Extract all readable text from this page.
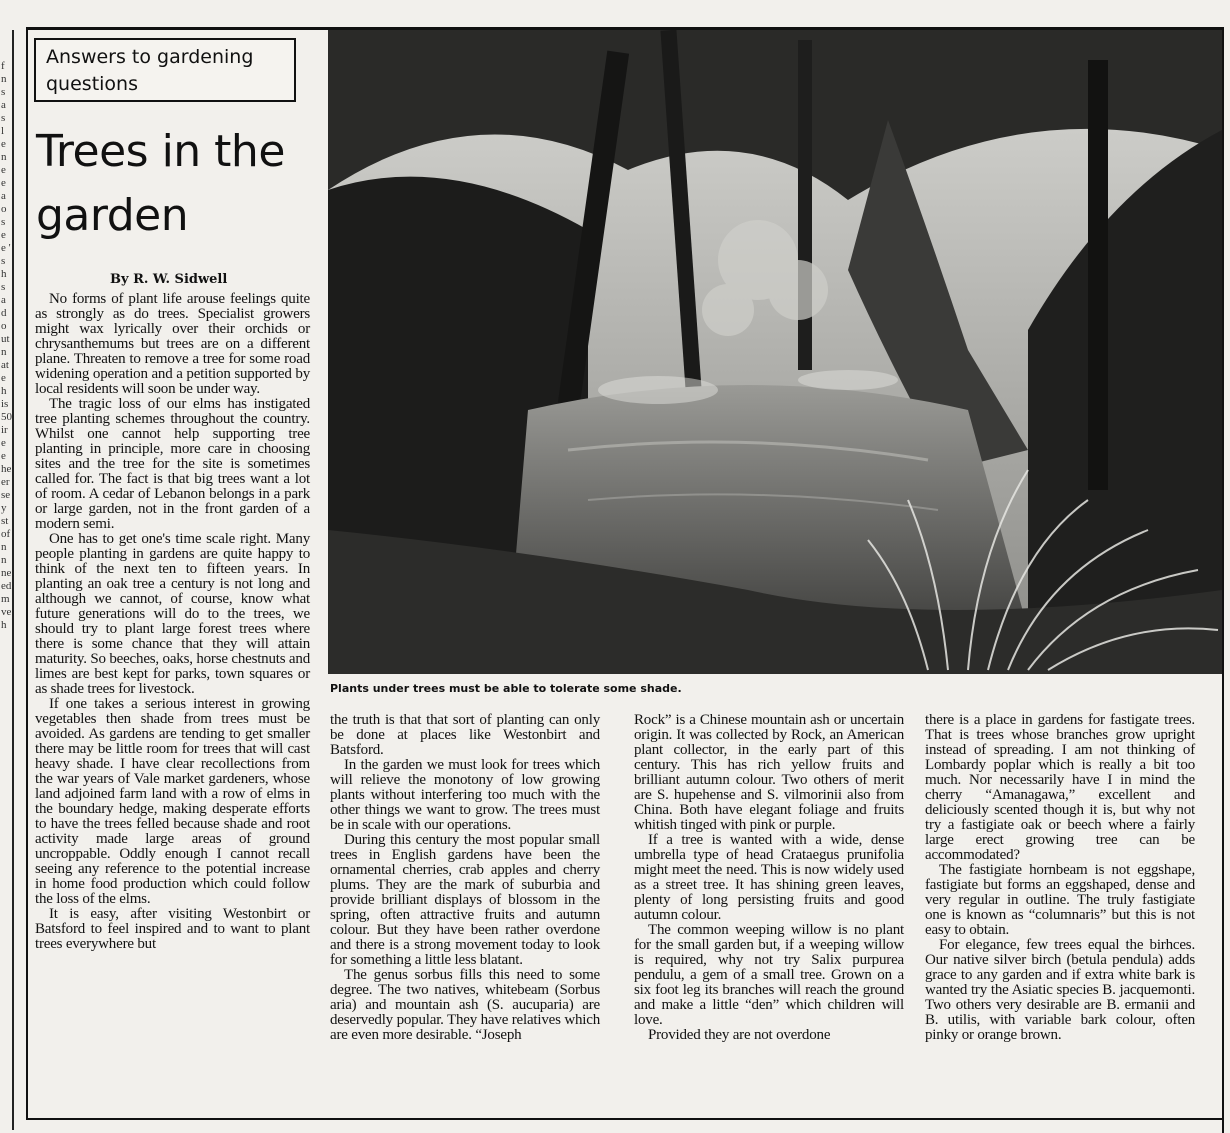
f n s a s l e n e e a o s e e ' s h s a d o ut n at e h is 50 ir e e he er se y st of n n ne ed m ve h
Answers to gardening questions
Trees in the garden
By R. W. Sidwell

No forms of plant life arouse feelings quite as strongly as do trees. Specialist growers might wax lyrically over their orchids or chrysanthemums but trees are on a different plane. Threaten to remove a tree for some road widening operation and a petition supported by local residents will soon be under way.

The tragic loss of our elms has instigated tree planting schemes throughout the country. Whilst one cannot help supporting tree planting in principle, more care in choosing sites and the tree for the site is sometimes called for. The fact is that big trees want a lot of room. A cedar of Lebanon belongs in a park or large garden, not in the front garden of a modern semi.

One has to get one's time scale right. Many people planting in gardens are quite happy to think of the next ten to fifteen years. In planting an oak tree a century is not long and although we cannot, of course, know what future generations will do to the trees, we should try to plant large forest trees where there is some chance that they will attain maturity. So beeches, oaks, horse chestnuts and limes are best kept for parks, town squares or as shade trees for livestock.

If one takes a serious interest in growing vegetables then shade from trees must be avoided. As gardens are tending to get smaller there may be little room for trees that will cast heavy shade. I have clear recollections from the war years of Vale market gardeners, whose land adjoined farm land with a row of elms in the boundary hedge, making desperate efforts to have the trees felled because shade and root activity made large areas of ground uncroppable. Oddly enough I cannot recall seeing any reference to the potential increase in home food production which could follow the loss of the elms.

It is easy, after visiting Westonbirt or Batsford to feel inspired and to want to plant trees everywhere but

Plants under trees must be able to tolerate some shade.

the truth is that that sort of planting can only be done at places like Westonbirt and Batsford.

In the garden we must look for trees which will relieve the monotony of low growing plants without interfering too much with the other things we want to grow. The trees must be in scale with our operations.

During this century the most popular small trees in English gardens have been the ornamental cherries, crab apples and cherry plums. They are the mark of suburbia and provide brilliant displays of blossom in the spring, often attractive fruits and autumn colour. But they have been rather overdone and there is a strong movement today to look for something a little less blatant.

The genus sorbus fills this need to some degree. The two natives, whitebeam (Sorbus aria) and mountain ash (S. aucuparia) are deservedly popular. They have relatives which are even more desirable. “Joseph

Rock” is a Chinese mountain ash or uncertain origin. It was collected by Rock, an American plant collector, in the early part of this century. This has rich yellow fruits and brilliant autumn colour. Two others of merit are S. hupehense and S. vilmorinii also from China. Both have elegant foliage and fruits whitish tinged with pink or purple.

If a tree is wanted with a wide, dense umbrella type of head Crataegus prunifolia might meet the need. This is now widely used as a street tree. It has shining green leaves, plenty of long persisting fruits and good autumn colour.

The common weeping willow is no plant for the small garden but, if a weeping willow is required, why not try Salix purpurea pendulu, a gem of a small tree. Grown on a six foot leg its branches will reach the ground and make a little “den” which children will love.

Provided they are not overdone

there is a place in gardens for fastigate trees. That is trees whose branches grow upright instead of spreading. I am not thinking of Lombardy poplar which is really a bit too much. Nor necessarily have I in mind the cherry “Amanagawa,” excellent and deliciously scented though it is, but why not try a fastigiate oak or beech where a fairly large erect growing tree can be accommodated?

The fastigiate hornbeam is not eggshape, fastigiate but forms an eggshaped, dense and very regular in outline. The truly fastigiate one is known as “columnaris” but this is not easy to obtain.

For elegance, few trees equal the birhces. Our native silver birch (betula pendula) adds grace to any garden and if extra white bark is wanted try the Asiatic species B. jacquemonti. Two others very desirable are B. ermanii and B. utilis, with variable bark colour, often pinky or orange brown.
